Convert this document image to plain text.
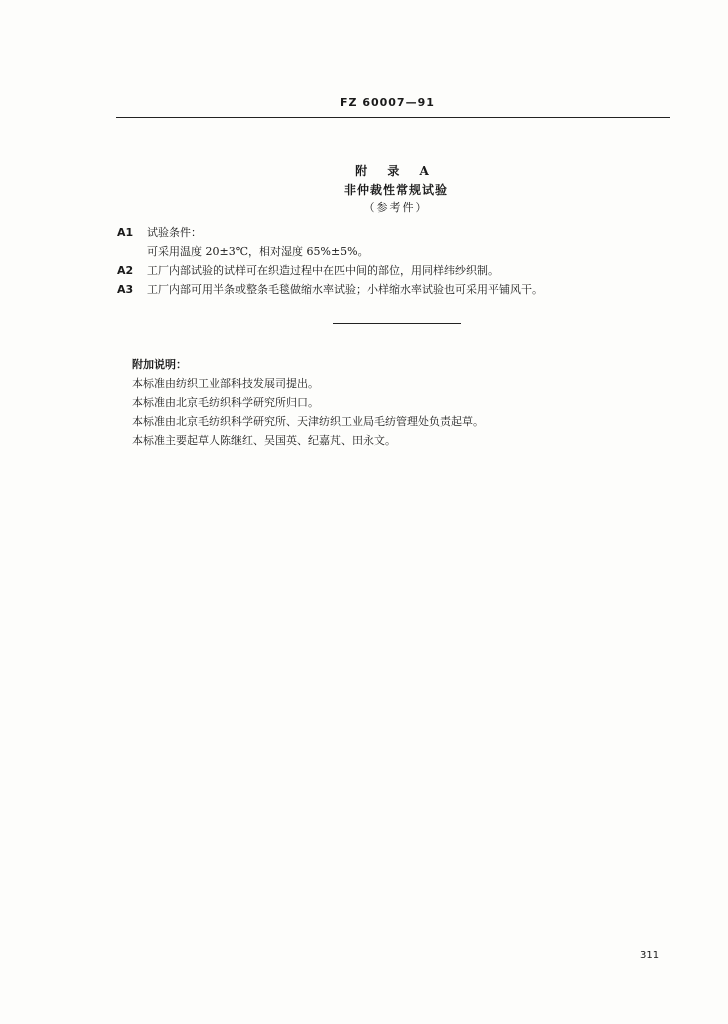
FZ 60007—91
附 录 A
非仲裁性常规试验
（参考件）
A1 试验条件：
可采用温度 20±3℃，相对湿度 65%±5%。
A2 工厂内部试验的试样可在织造过程中在匹中间的部位，用同样纬纱织制。
A3 工厂内部可用半条或整条毛毯做缩水率试验；小样缩水率试验也可采用平铺风干。
附加说明：
本标准由纺织工业部科技发展司提出。
本标准由北京毛纺织科学研究所归口。
本标准由北京毛纺织科学研究所、天津纺织工业局毛纺管理处负责起草。
本标准主要起草人陈继红、吴国英、纪嘉芃、田永文。
311
